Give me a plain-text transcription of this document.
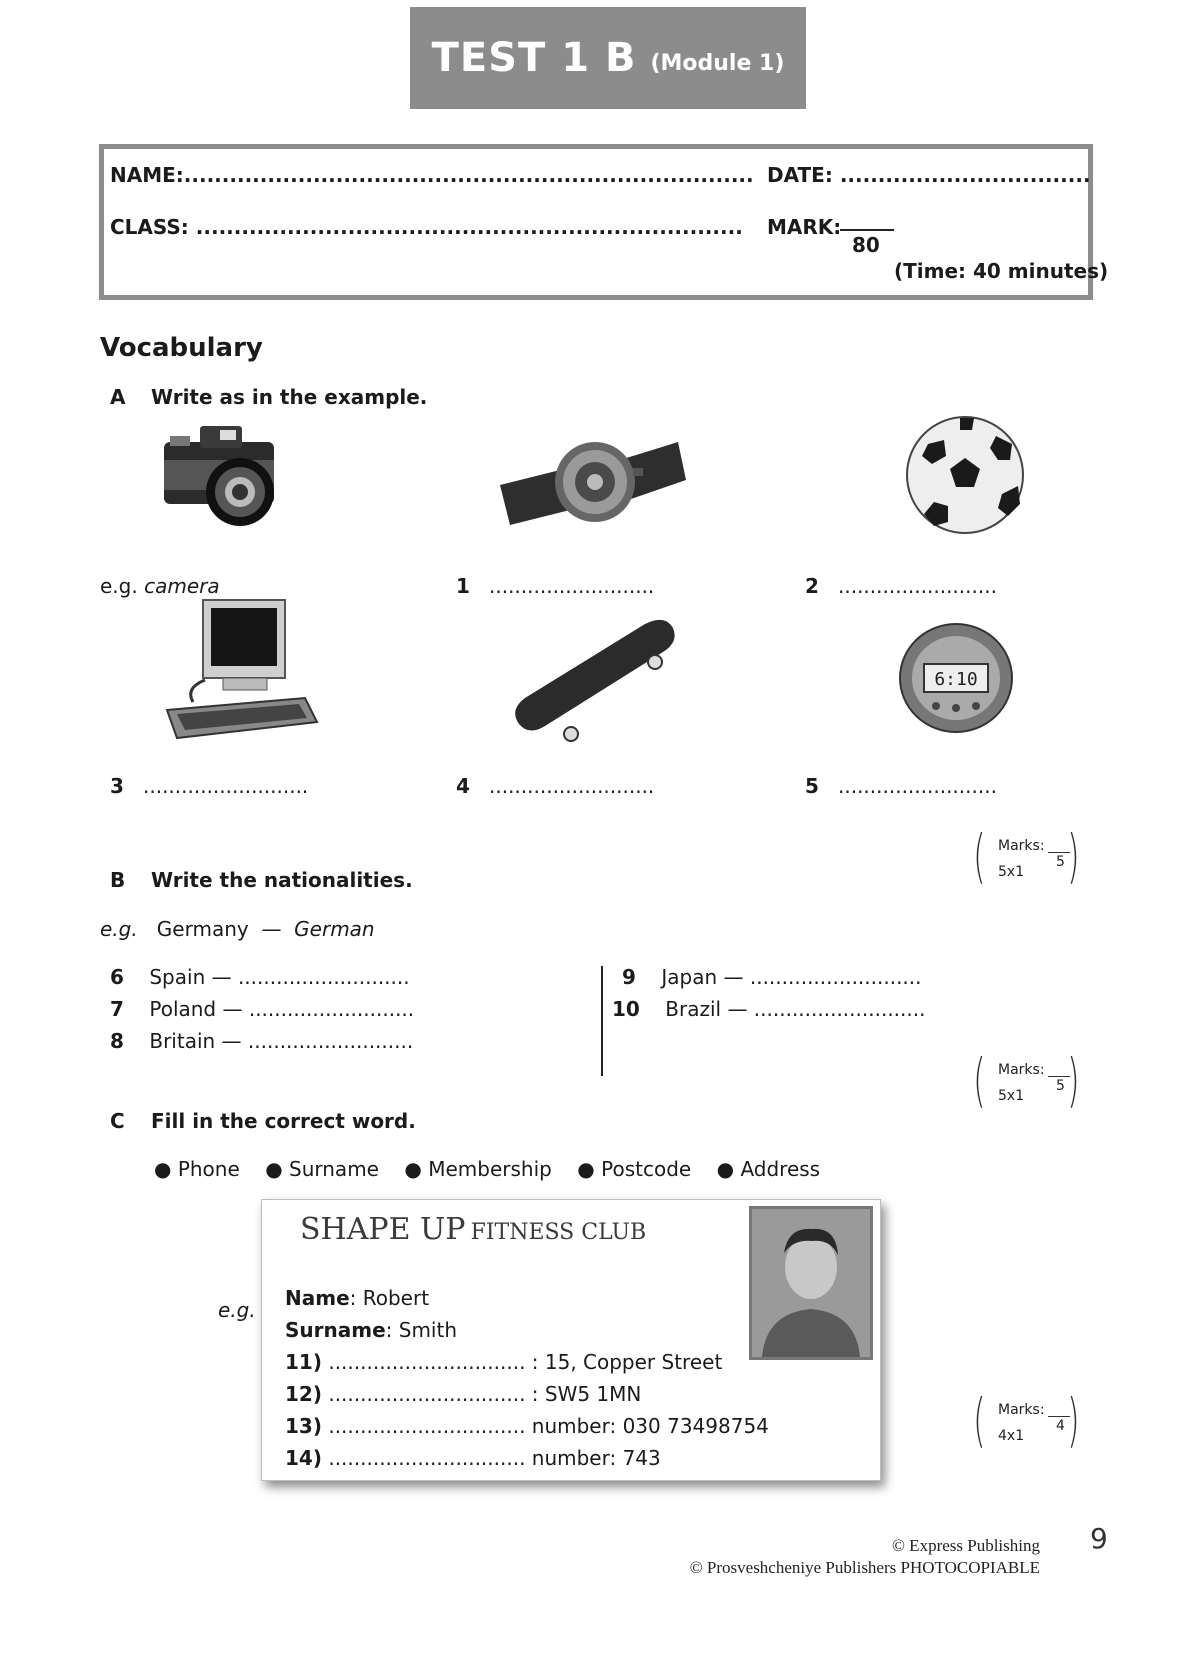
TEST 1 B (Module 1)
NAME:........................................................................... DATE: .................................
CLASS: ........................................................................ MARK:
80
(Time: 40 minutes)
Vocabulary
A Write as in the example.
e.g. camera	1 ..........................	2 .........................
6:10
3 ..........................	4 ..........................	5 .........................
( Marks:
5
5x1 )
B Write the nationalities.
e.g. Germany — German
6 Spain — ...........................
7 Poland — ..........................
8 Britain — ..........................
9 Japan — ...........................
10 Brazil — ...........................
( Marks:
5
5x1 )
C Fill in the correct word.
● Phone ● Surname ● Membership ● Postcode ● Address
e.g.
SHAPE UP FITNESS CLUB
Name: Robert
Surname: Smith
11) ............................... : 15, Copper Street
12) ............................... : SW5 1MN
13) ............................... number: 030 73498754
14) ............................... number: 743
( Marks:
4
4x1 )
© Express Publishing
© Prosveshcheniye Publishers PHOTOCOPIABLE
9
